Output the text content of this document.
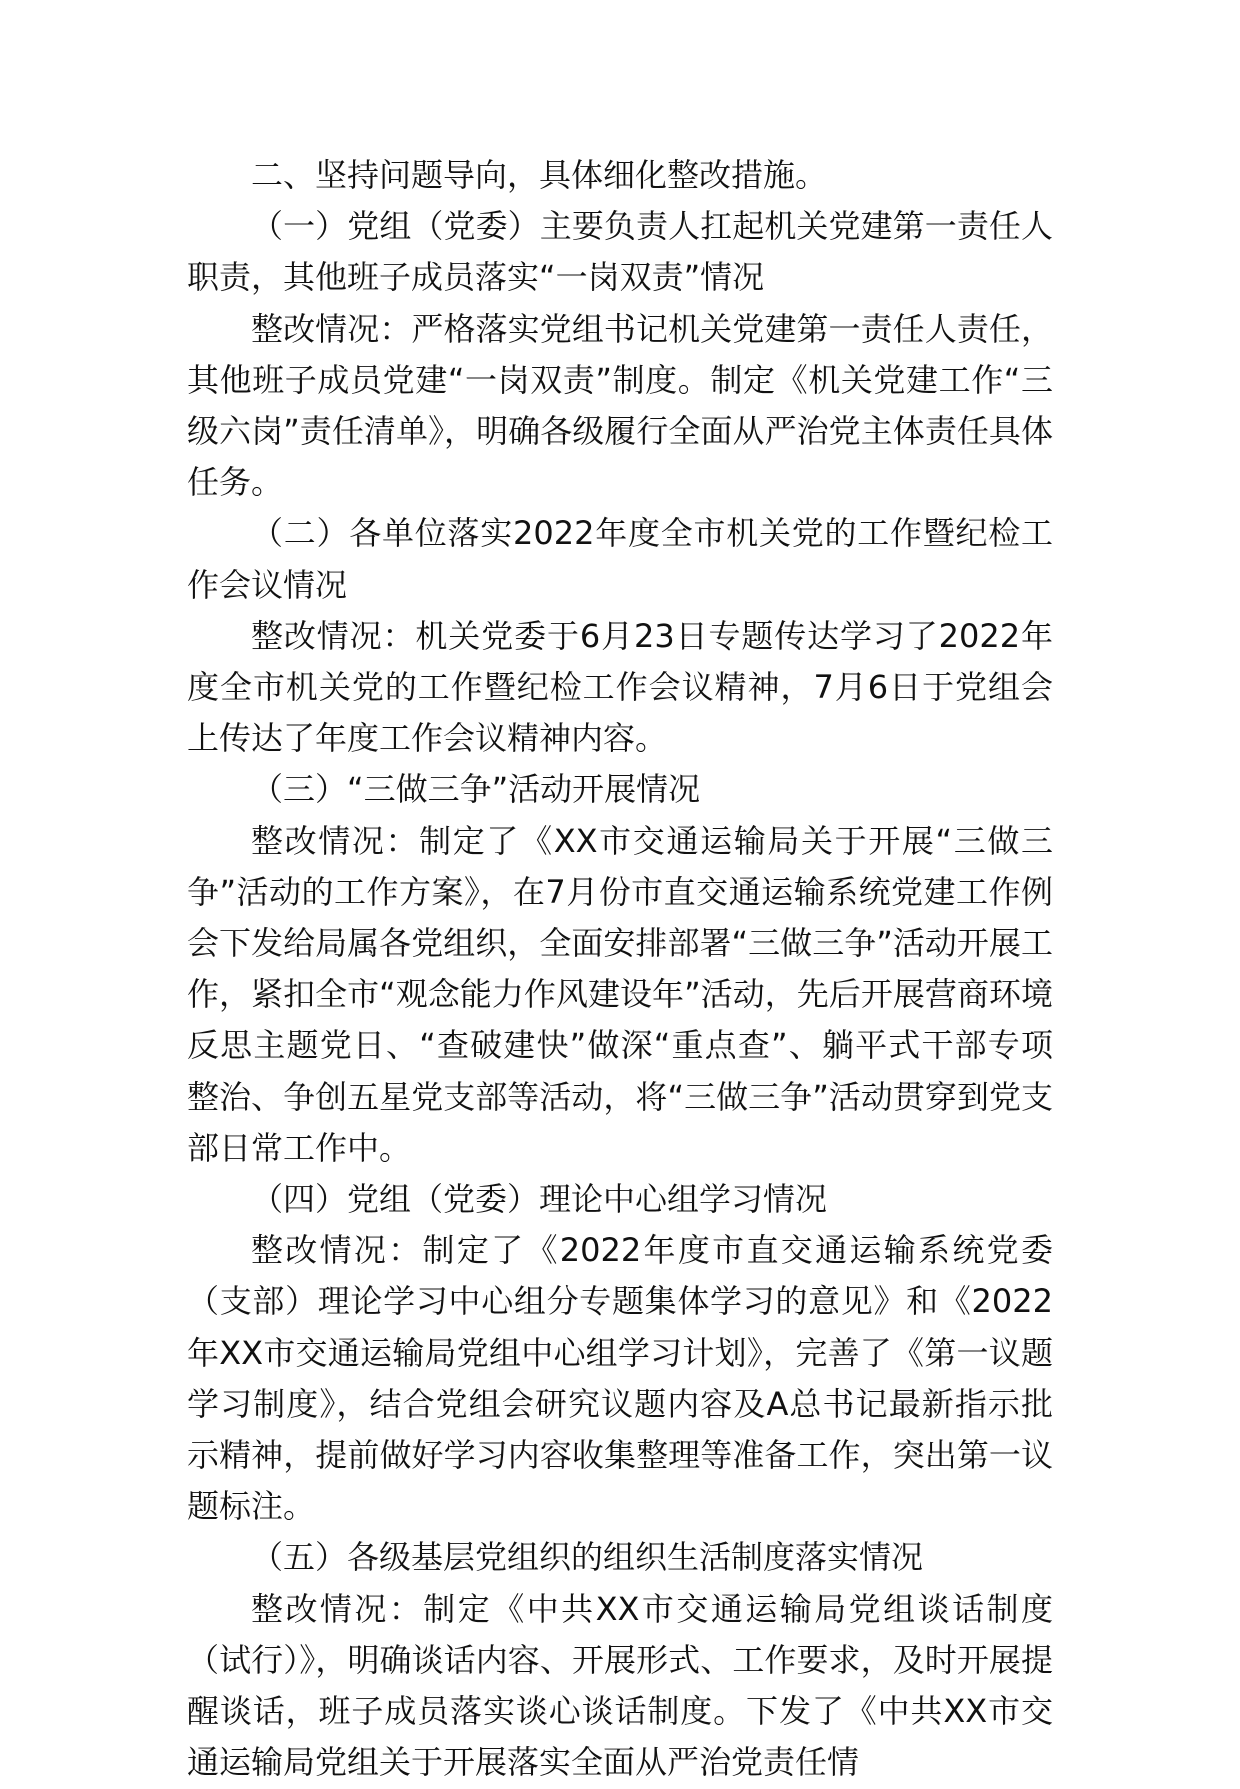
二、坚持问题导向，具体细化整改措施。

（一）党组（党委）主要负责人扛起机关党建第一责任人职责，其他班子成员落实“一岗双责”情况

整改情况：严格落实党组书记机关党建第一责任人责任，其他班子成员党建“一岗双责”制度。制定《机关党建工作“三级六岗”责任清单》，明确各级履行全面从严治党主体责任具体任务。

（二）各单位落实2022年度全市机关党的工作暨纪检工作会议情况

整改情况：机关党委于6月23日专题传达学习了2022年度全市机关党的工作暨纪检工作会议精神，7月6日于党组会上传达了年度工作会议精神内容。

（三）“三做三争”活动开展情况

整改情况：制定了《XX市交通运输局关于开展“三做三争”活动的工作方案》，在7月份市直交通运输系统党建工作例会下发给局属各党组织，全面安排部署“三做三争”活动开展工作，紧扣全市“观念能力作风建设年”活动，先后开展营商环境反思主题党日、“查破建快”做深“重点查”、躺平式干部专项整治、争创五星党支部等活动，将“三做三争”活动贯穿到党支部日常工作中。

（四）党组（党委）理论中心组学习情况

整改情况：制定了《2022年度市直交通运输系统党委（支部）理论学习中心组分专题集体学习的意见》和《2022年XX市交通运输局党组中心组学习计划》，完善了《第一议题学习制度》，结合党组会研究议题内容及A总书记最新指示批示精神，提前做好学习内容收集整理等准备工作，突出第一议题标注。

（五）各级基层党组织的组织生活制度落实情况

整改情况：制定《中共XX市交通运输局党组谈话制度（试行）》，明确谈话内容、开展形式、工作要求，及时开展提醒谈话，班子成员落实谈心谈话制度。下发了《中共XX市交通运输局党组关于开展落实全面从严治党责任情
